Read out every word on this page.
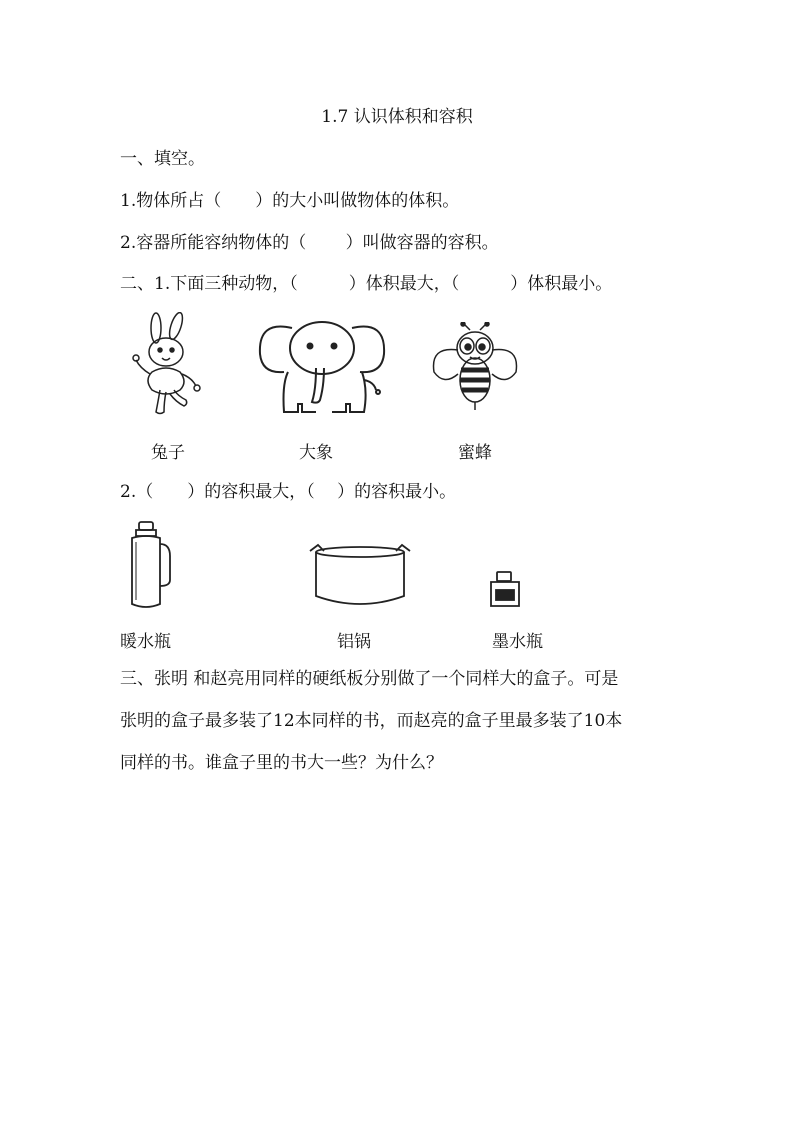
1.7 认识体积和容积
一、填空。
1.物体所占（　　）的大小叫做物体的体积。
2.容器所能容纳物体的（　　 ）叫做容器的容积。
二、1.下面三种动物，（　　　）体积最大，（　　　）体积最小。
兔子	大象	蜜蜂
2.（　　）的容积最大，（　 ）的容积最小。
暖水瓶	铝锅	墨水瓶
三、张明 和赵亮用同样的硬纸板分别做了一个同样大的盒子。可是
张明的盒子最多装了12本同样的书，而赵亮的盒子里最多装了10本
同样的书。谁盒子里的书大一些？为什么？
